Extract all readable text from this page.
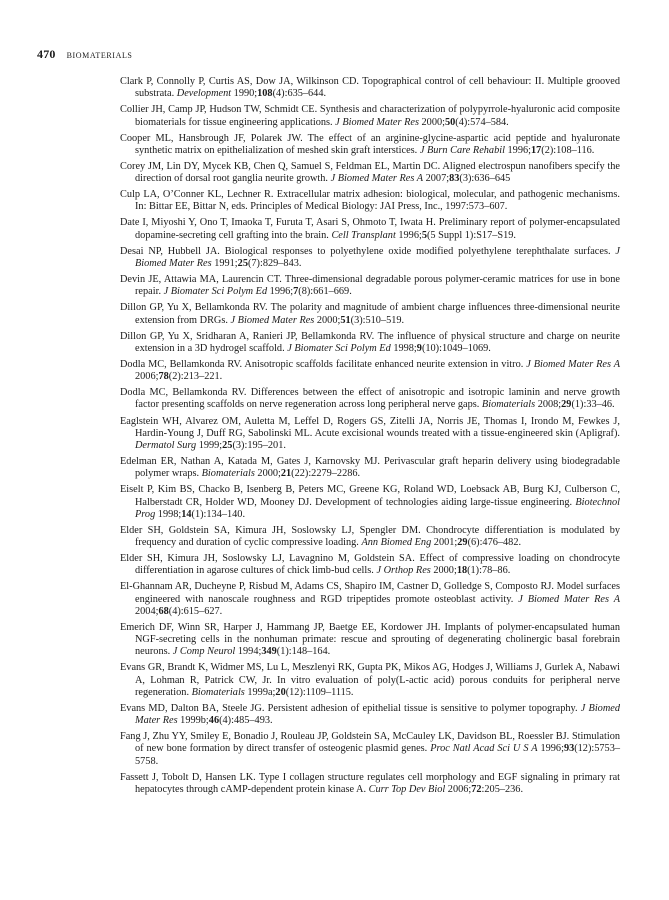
470 BIOMATERIALS

Clark P, Connolly P, Curtis AS, Dow JA, Wilkinson CD. Topographical control of cell behaviour: II. Multiple grooved substrata. Development 1990;108(4):635–644.

Collier JH, Camp JP, Hudson TW, Schmidt CE. Synthesis and characterization of polypyrrole-hyaluronic acid composite biomaterials for tissue engineering applications. J Biomed Mater Res 2000;50(4):574–584.

Cooper ML, Hansbrough JF, Polarek JW. The effect of an arginine-glycine-aspartic acid peptide and hyaluronate synthetic matrix on epithelialization of meshed skin graft interstices. J Burn Care Rehabil 1996;17(2):108–116.

Corey JM, Lin DY, Mycek KB, Chen Q, Samuel S, Feldman EL, Martin DC. Aligned electrospun nanofibers specify the direction of dorsal root ganglia neurite growth. J Biomed Mater Res A 2007;83(3):636–645

Culp LA, O’Conner KL, Lechner R. Extracellular matrix adhesion: biological, molecular, and pathogenic mechanisms. In: Bittar EE, Bittar N, eds. Principles of Medical Biology: JAI Press, Inc., 1997:573–607.

Date I, Miyoshi Y, Ono T, Imaoka T, Furuta T, Asari S, Ohmoto T, Iwata H. Preliminary report of polymer-encapsulated dopamine-secreting cell grafting into the brain. Cell Transplant 1996;5(5 Suppl 1):S17–S19.

Desai NP, Hubbell JA. Biological responses to polyethylene oxide modified polyethylene terephthalate surfaces. J Biomed Mater Res 1991;25(7):829–843.

Devin JE, Attawia MA, Laurencin CT. Three-dimensional degradable porous polymer-ceramic matrices for use in bone repair. J Biomater Sci Polym Ed 1996;7(8):661–669.

Dillon GP, Yu X, Bellamkonda RV. The polarity and magnitude of ambient charge influences three-dimensional neurite extension from DRGs. J Biomed Mater Res 2000;51(3):510–519.

Dillon GP, Yu X, Sridharan A, Ranieri JP, Bellamkonda RV. The influence of physical structure and charge on neurite extension in a 3D hydrogel scaffold. J Biomater Sci Polym Ed 1998;9(10):1049–1069.

Dodla MC, Bellamkonda RV. Anisotropic scaffolds facilitate enhanced neurite extension in vitro. J Biomed Mater Res A 2006;78(2):213–221.

Dodla MC, Bellamkonda RV. Differences between the effect of anisotropic and isotropic laminin and nerve growth factor presenting scaffolds on nerve regeneration across long peripheral nerve gaps. Biomaterials 2008;29(1):33–46.

Eaglstein WH, Alvarez OM, Auletta M, Leffel D, Rogers GS, Zitelli JA, Norris JE, Thomas I, Irondo M, Fewkes J, Hardin-Young J, Duff RG, Sabolinski ML. Acute excisional wounds treated with a tissue-engineered skin (Apligraf). Dermatol Surg 1999;25(3):195–201.

Edelman ER, Nathan A, Katada M, Gates J, Karnovsky MJ. Perivascular graft heparin delivery using biodegradable polymer wraps. Biomaterials 2000;21(22):2279–2286.

Eiselt P, Kim BS, Chacko B, Isenberg B, Peters MC, Greene KG, Roland WD, Loebsack AB, Burg KJ, Culberson C, Halberstadt CR, Holder WD, Mooney DJ. Development of technologies aiding large-tissue engineering. Biotechnol Prog 1998;14(1):134–140.

Elder SH, Goldstein SA, Kimura JH, Soslowsky LJ, Spengler DM. Chondrocyte differentiation is modulated by frequency and duration of cyclic compressive loading. Ann Biomed Eng 2001;29(6):476–482.

Elder SH, Kimura JH, Soslowsky LJ, Lavagnino M, Goldstein SA. Effect of compressive loading on chondrocyte differentiation in agarose cultures of chick limb-bud cells. J Orthop Res 2000;18(1):78–86.

El-Ghannam AR, Ducheyne P, Risbud M, Adams CS, Shapiro IM, Castner D, Golledge S, Composto RJ. Model surfaces engineered with nanoscale roughness and RGD tripeptides promote osteoblast activity. J Biomed Mater Res A 2004;68(4):615–627.

Emerich DF, Winn SR, Harper J, Hammang JP, Baetge EE, Kordower JH. Implants of polymer-encapsulated human NGF-secreting cells in the nonhuman primate: rescue and sprouting of degenerating cholinergic basal forebrain neurons. J Comp Neurol 1994;349(1):148–164.

Evans GR, Brandt K, Widmer MS, Lu L, Meszlenyi RK, Gupta PK, Mikos AG, Hodges J, Williams J, Gurlek A, Nabawi A, Lohman R, Patrick CW, Jr. In vitro evaluation of poly(L-actic acid) porous conduits for peripheral nerve regeneration. Biomaterials 1999a;20(12):1109–1115.

Evans MD, Dalton BA, Steele JG. Persistent adhesion of epithelial tissue is sensitive to polymer topography. J Biomed Mater Res 1999b;46(4):485–493.

Fang J, Zhu YY, Smiley E, Bonadio J, Rouleau JP, Goldstein SA, McCauley LK, Davidson BL, Roessler BJ. Stimulation of new bone formation by direct transfer of osteogenic plasmid genes. Proc Natl Acad Sci U S A 1996;93(12):5753–5758.

Fassett J, Tobolt D, Hansen LK. Type I collagen structure regulates cell morphology and EGF signaling in primary rat hepatocytes through cAMP-dependent protein kinase A. Curr Top Dev Biol 2006;72:205–236.
